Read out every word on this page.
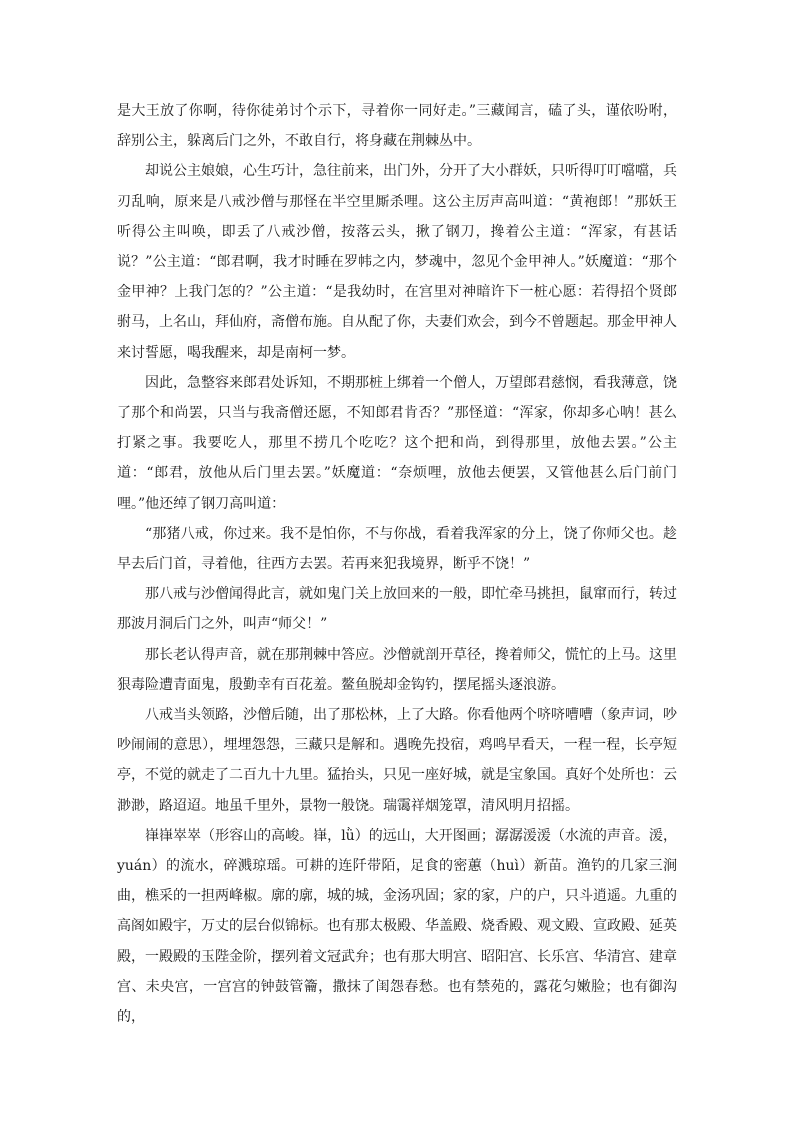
是大王放了你啊，待你徒弟讨个示下，寻着你一同好走。”三藏闻言，磕了头，谨依吩咐，辞别公主，躲离后门之外，不敢自行，将身藏在荆棘丛中。

却说公主娘娘，心生巧计，急往前来，出门外，分开了大小群妖，只听得叮叮噹噹，兵刃乱响，原来是八戒沙僧与那怪在半空里厮杀哩。这公主厉声高叫道：“黄袍郎！”那妖王听得公主叫唤，即丢了八戒沙僧，按落云头，揪了钢刀，搀着公主道：“浑家，有甚话说？”公主道：“郎君啊，我才时睡在罗帏之内，梦魂中，忽见个金甲神人。”妖魔道：“那个金甲神？上我门怎的？”公主道：“是我幼时，在宫里对神暗许下一桩心愿：若得招个贤郎驸马，上名山，拜仙府，斋僧布施。自从配了你，夫妻们欢会，到今不曾题起。那金甲神人来讨誓愿，喝我醒来，却是南柯一梦。

因此，急整容来郎君处诉知，不期那桩上绑着一个僧人，万望郎君慈悯，看我薄意，饶了那个和尚罢，只当与我斋僧还愿，不知郎君肯否？”那怪道：“浑家，你却多心呐！甚么打紧之事。我要吃人，那里不捞几个吃吃？这个把和尚，到得那里，放他去罢。”公主道：“郎君，放他从后门里去罢。”妖魔道：“奈烦哩，放他去便罢，又管他甚么后门前门哩。”他还绰了钢刀高叫道：

“那猪八戒，你过来。我不是怕你，不与你战，看着我浑家的分上，饶了你师父也。趁早去后门首，寻着他，往西方去罢。若再来犯我境界，断乎不饶！”

那八戒与沙僧闻得此言，就如鬼门关上放回来的一般，即忙牵马挑担，鼠窜而行，转过那波月洞后门之外，叫声“师父！”

那长老认得声音，就在那荆棘中答应。沙僧就剖开草径，搀着师父，慌忙的上马。这里狠毒险遭青面鬼，殷勤幸有百花羞。鳌鱼脱却金钩钓，摆尾摇头逐浪游。

八戒当头领路，沙僧后随，出了那松林，上了大路。你看他两个哜哜嘈嘈（象声词，吵吵闹闹的意思），埋埋怨怨，三藏只是解和。遇晚先投宿，鸡鸣早看天，一程一程，长亭短亭，不觉的就走了二百九十九里。猛抬头，只见一座好城，就是宝象国。真好个处所也：云渺渺，路迢迢。地虽千里外，景物一般饶。瑞霭祥烟笼罩，清风明月招摇。

嵂嵂崒崒（形容山的高峻。嵂，lǜ）的远山，大开图画；潺潺湲湲（水流的声音。湲，yuán）的流水，碎溅琼瑶。可耕的连阡带陌，足食的密蕙（huì）新苗。渔钓的几家三涧曲，樵采的一担两峰椒。廓的廓，城的城，金汤巩固；家的家，户的户，只斗逍遥。九重的高阁如殿宇，万丈的层台似锦标。也有那太极殿、华盖殿、烧香殿、观文殿、宣政殿、延英殿，一殿殿的玉陛金阶，摆列着文冠武弁；也有那大明宫、昭阳宫、长乐宫、华清宫、建章宫、未央宫，一宫宫的钟鼓管籥，撒抹了闺怨春愁。也有禁苑的，露花匀嫩脸；也有御沟的，
